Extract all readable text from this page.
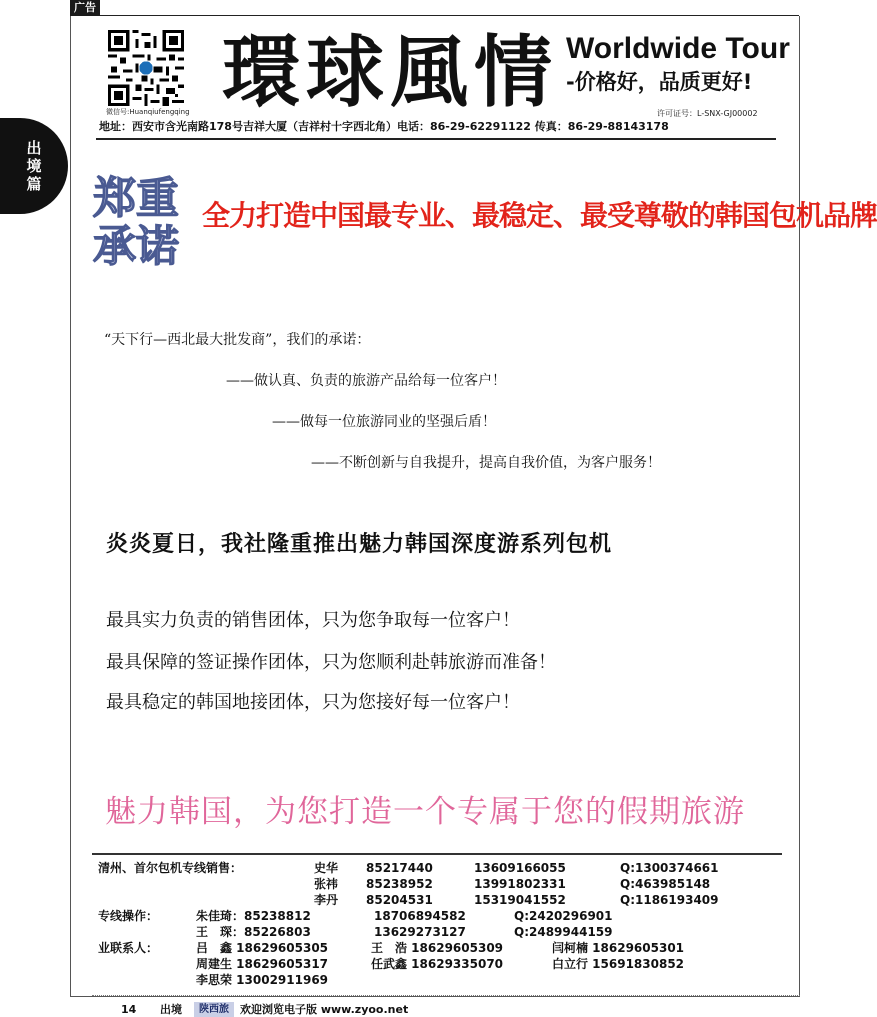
广告
出境篇
微信号:Huanqiufengqing 環球風情 Worldwide Tour
-价格好，品质更好!
许可证号：L-SNX-GJ00002
地址：西安市含光南路178号吉祥大厦（吉祥村十字西北角）电话：86-29-62291122 传真：86-29-88143178
郑重
承诺
全力打造中国最专业、最稳定、最受尊敬的韩国包机品牌
“天下行—西北最大批发商”，我们的承诺：
——做认真、负责的旅游产品给每一位客户！
——做每一位旅游同业的坚强后盾！
——不断创新与自我提升，提高自我价值，为客户服务！
炎炎夏日，我社隆重推出魅力韩国深度游系列包机
最具实力负责的销售团体，只为您争取每一位客户！
最具保障的签证操作团体，只为您顺利赴韩旅游而准备！
最具稳定的韩国地接团体，只为您接好每一位客户！
魅力韩国，为您打造一个专属于您的假期旅游
清州、首尔包机专线销售：	史华 85217440	13609166055	Q:1300374661
张祎 85238952	13991802331	Q:463985148
李丹 85204531	15319041552	Q:1186193409
专线操作：	朱佳琦：85238812	18706894582	Q:2420296901
王　琛：85226803	13629273127	Q:2489944159
业联系人：	吕　鑫 18629605305	王　浩 18629605309	闫柯楠 18629605301
周建生 18629605317	任武鑫 18629335070	白立行 15691830852
李思荣 13002911969
14 出境	陕西旅	欢迎浏览电子版 www.zyoo.net
